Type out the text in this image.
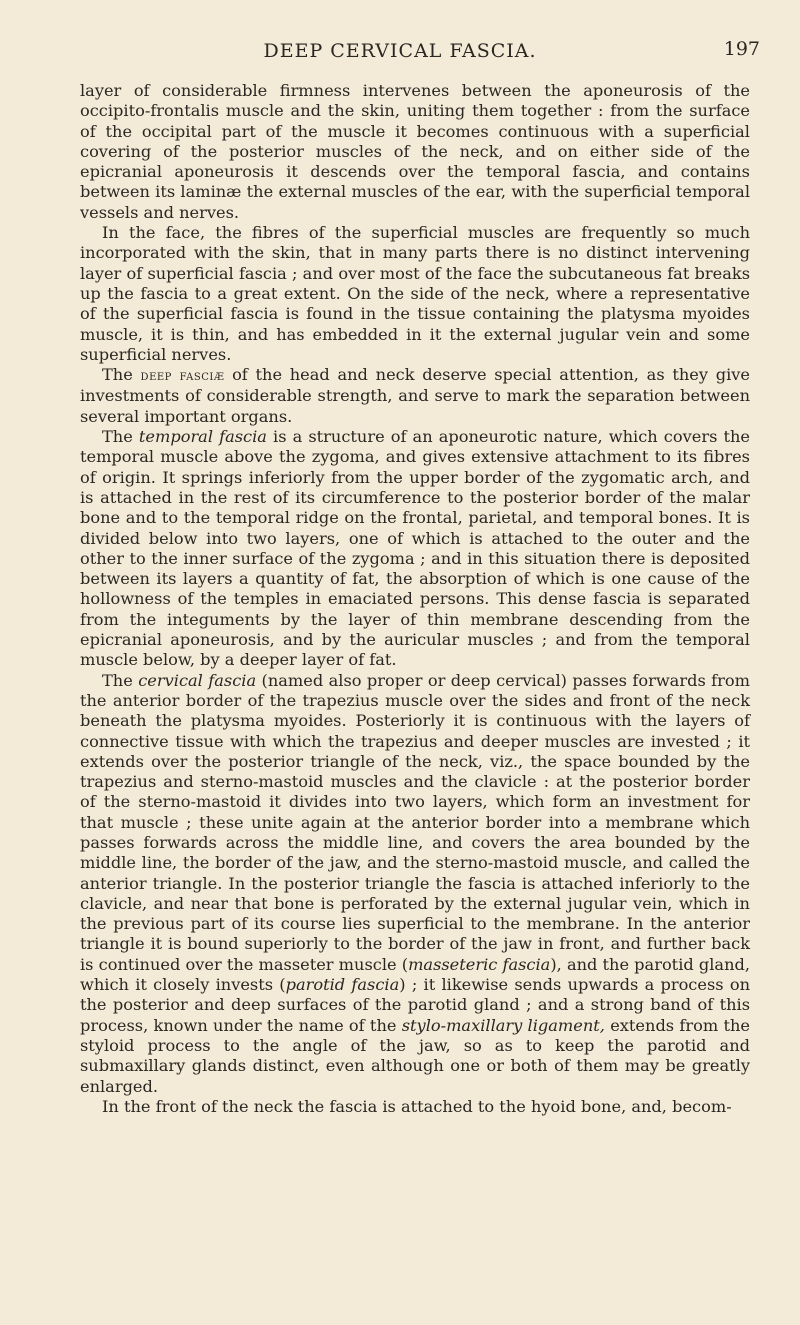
DEEP CERVICAL FASCIA.	197

layer of considerable firmness intervenes between the aponeurosis of the occipito-frontalis muscle and the skin, uniting them together : from the surface of the occipital part of the muscle it becomes continuous with a superficial covering of the posterior muscles of the neck, and on either side of the epicranial aponeurosis it descends over the temporal fascia, and contains between its laminæ the external muscles of the ear, with the superficial temporal vessels and nerves.

In the face, the fibres of the superficial muscles are frequently so much incorporated with the skin, that in many parts there is no distinct intervening layer of superficial fascia ; and over most of the face the subcutaneous fat breaks up the fascia to a great extent. On the side of the neck, where a representative of the superficial fascia is found in the tissue containing the platysma myoides muscle, it is thin, and has embedded in it the external jugular vein and some superficial nerves.

The deep fasciæ of the head and neck deserve special attention, as they give investments of considerable strength, and serve to mark the separation between several important organs.

The temporal fascia is a structure of an aponeurotic nature, which covers the temporal muscle above the zygoma, and gives extensive attachment to its fibres of origin. It springs inferiorly from the upper border of the zygomatic arch, and is attached in the rest of its circumference to the posterior border of the malar bone and to the temporal ridge on the frontal, parietal, and temporal bones. It is divided below into two layers, one of which is attached to the outer and the other to the inner surface of the zygoma ; and in this situation there is deposited between its layers a quantity of fat, the absorption of which is one cause of the hollowness of the temples in emaciated persons. This dense fascia is separated from the integuments by the layer of thin membrane descending from the epicranial aponeurosis, and by the auricular muscles ; and from the temporal muscle below, by a deeper layer of fat.

The cervical fascia (named also proper or deep cervical) passes forwards from the anterior border of the trapezius muscle over the sides and front of the neck beneath the platysma myoides. Posteriorly it is continuous with the layers of connective tissue with which the trapezius and deeper muscles are invested ; it extends over the posterior triangle of the neck, viz., the space bounded by the trapezius and sterno-mastoid muscles and the clavicle : at the posterior border of the sterno-mastoid it divides into two layers, which form an investment for that muscle ; these unite again at the anterior border into a membrane which passes forwards across the middle line, and covers the area bounded by the middle line, the border of the jaw, and the sterno-mastoid muscle, and called the anterior triangle. In the posterior triangle the fascia is attached inferiorly to the clavicle, and near that bone is perforated by the external jugular vein, which in the previous part of its course lies superficial to the membrane. In the anterior triangle it is bound superiorly to the border of the jaw in front, and further back is continued over the masseter muscle (masseteric fascia), and the parotid gland, which it closely invests (parotid fascia) ; it likewise sends upwards a process on the posterior and deep surfaces of the parotid gland ; and a strong band of this process, known under the name of the stylo-maxillary ligament, extends from the styloid process to the angle of the jaw, so as to keep the parotid and submaxillary glands distinct, even although one or both of them may be greatly enlarged.

In the front of the neck the fascia is attached to the hyoid bone, and, becom-
